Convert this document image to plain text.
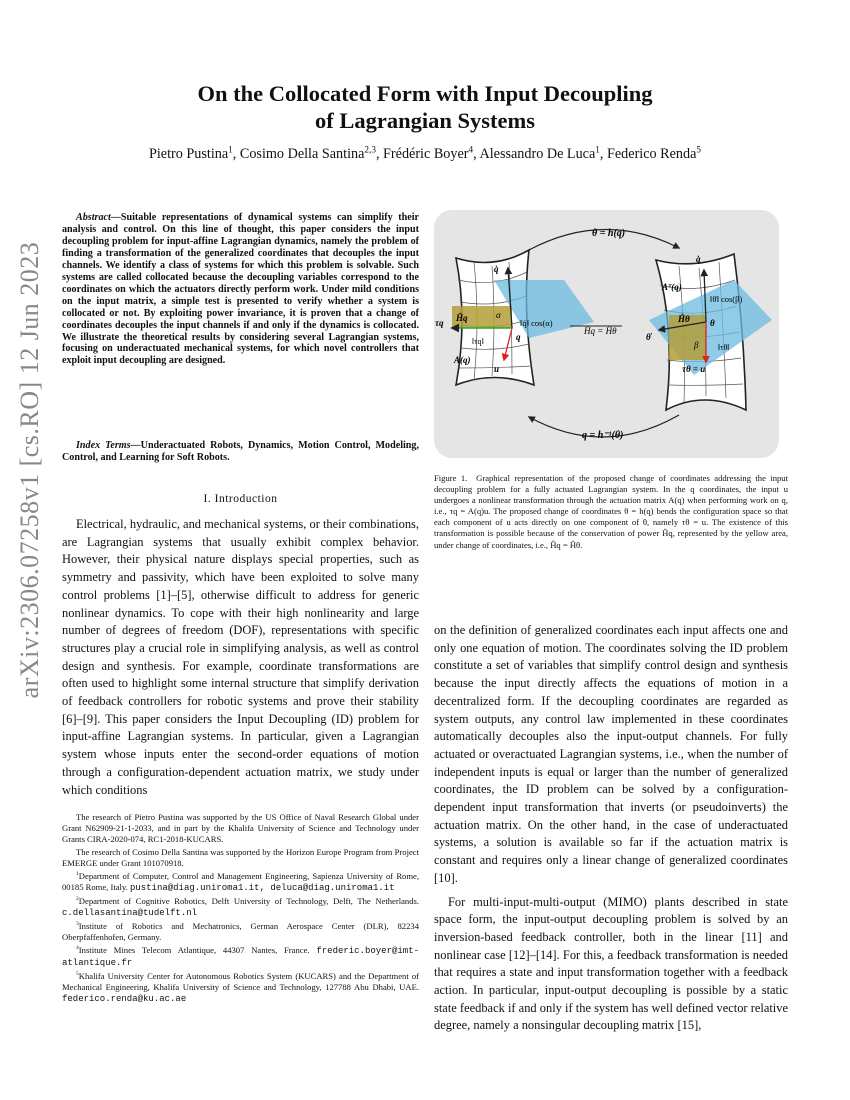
arXiv:2306.07258v1 [cs.RO] 12 Jun 2023
On the Collocated Form with Input Decoupling
of Lagrangian Systems
Pietro Pustina$^1$, Cosimo Della Santina$^{2,3}$, Frédéric Boyer$^4$, Alessandro De Luca$^1$, Federico Renda$^5$
Abstract—Suitable representations of dynamical systems can simplify their analysis and control. On this line of thought, this paper considers the input decoupling problem for input-affine Lagrangian dynamics, namely the problem of finding a transformation of the generalized coordinates that decouples the input channels. We identify a class of systems for which this problem is solvable. Such systems are called collocated because the decoupling variables correspond to the coordinates on which the actuators directly perform work. Under mild conditions on the input matrix, a simple test is presented to verify whether a system is collocated or not. By exploiting power invariance, it is proven that a change of coordinates decouples the input channels if and only if the dynamics is collocated. We illustrate the theoretical results by considering several Lagrangian systems, focusing on underactuated mechanical systems, for which novel controllers that exploit input decoupling are designed.
Index Terms—Underactuated Robots, Dynamics, Motion Control, Modeling, Control, and Learning for Soft Robots.
I. Introduction

Electrical, hydraulic, and mechanical systems, or their combinations, are Lagrangian systems that usually exhibit complex behavior. However, their physical nature displays special properties, such as symmetry and passivity, which have been exploited to solve many control problems [1]–[5], otherwise difficult to address for generic nonlinear dynamics. To cope with their high nonlinearity and large number of degrees of freedom (DOF), representations with specific structures play a crucial role in simplifying analysis, as well as control design and synthesis. For example, coordinate transformations are often used to highlight some internal structure that simplify derivation of feedback controllers for robotic systems and prove their stability [6]–[9]. This paper considers the Input Decoupling (ID) problem for input-affine Lagrangian systems. In particular, given a Lagrangian system whose inputs enter the second-order equations of motion through a configuration-dependent actuation matrix, we study under which conditions

The research of Pietro Pustina was supported by the US Office of Naval Research Global under Grant N62909-21-1-2033, and in part by the Khalifa University of Science and Technology under Grants CIRA-2020-074, RC1-2018-KUCARS.

The research of Cosimo Della Santina was supported by the Horizon Europe Program from Project EMERGE under Grant 101070918.

$^1$Department of Computer, Control and Management Engineering, Sapienza University of Rome, 00185 Rome, Italy. pustina@diag.uniroma1.it, deluca@diag.uniroma1.it

$^2$Department of Cognitive Robotics, Delft University of Technology, Delft, The Netherlands. c.dellasantina@tudelft.nl

$^3$Institute of Robotics and Mechatronics, German Aerospace Center (DLR), 82234 Oberpfaffenhofen, Germany.

$^4$Institute Mines Telecom Atlantique, 44307 Nantes, France. frederic.boyer@imt-atlantique.fr

$^5$Khalifa University Center for Autonomous Robotics System (KUCARS) and the Department of Mechanical Engineering, Khalifa University of Science and Technology, 127788 Abu Dhabi, UAE. federico.renda@ku.ac.ae

θ = h(q)
q = h⁻¹(θ)
Ĥq
τq
A(q)
u
q
q̇
α
‖q̇‖ cos(α)
‖τq‖
Ĥq = Ĥθ
q̇
Aᵀ(q)
Ĥθ θ
θ̇
β
‖θ̇‖ cos(β)
‖τθ‖
τθ = u
Figure 1. Graphical representation of the proposed change of coordinates addressing the input decoupling problem for a fully actuated Lagrangian system. In the q coordinates, the input u undergoes a nonlinear transformation through the actuation matrix A(q) when performing work on q, i.e., τq = A(q)u. The proposed change of coordinates θ = h(q) bends the configuration space so that each component of u acts directly on one component of θ, namely τθ = u. The existence of this transformation is possible because of the conservation of power Ĥq, represented by the yellow area, under change of coordinates, i.e., Ĥq = Ĥθ.

on the definition of generalized coordinates each input affects one and only one equation of motion. The coordinates solving the ID problem constitute a set of variables that simplify control design and synthesis because the input directly affects the equations of motion in a decentralized form. If the decoupling coordinates are regarded as system outputs, any control law implemented in these coordinates automatically decouples also the input-output channels. For fully actuated or overactuated Lagrangian systems, i.e., when the number of independent inputs is equal or larger than the number of generalized coordinates, the ID problem can be solved by a configuration-dependent input transformation that inverts (or pseudoinverts) the actuation matrix. On the other hand, in the case of underactuated systems, a solution is available so far if the actuation matrix is constant and requires only a linear change of generalized coordinates [10].

For multi-input-multi-output (MIMO) plants described in state space form, the input-output decoupling problem is solved by an inversion-based feedback controller, both in the linear [11] and nonlinear case [12]–[14]. For this, a feedback transformation is needed that requires a state and input transformation together with a feedback action. In particular, input-output decoupling is possible by a static state feedback if and only if the system has well defined vector relative degree, namely a nonsingular decoupling matrix [15],
